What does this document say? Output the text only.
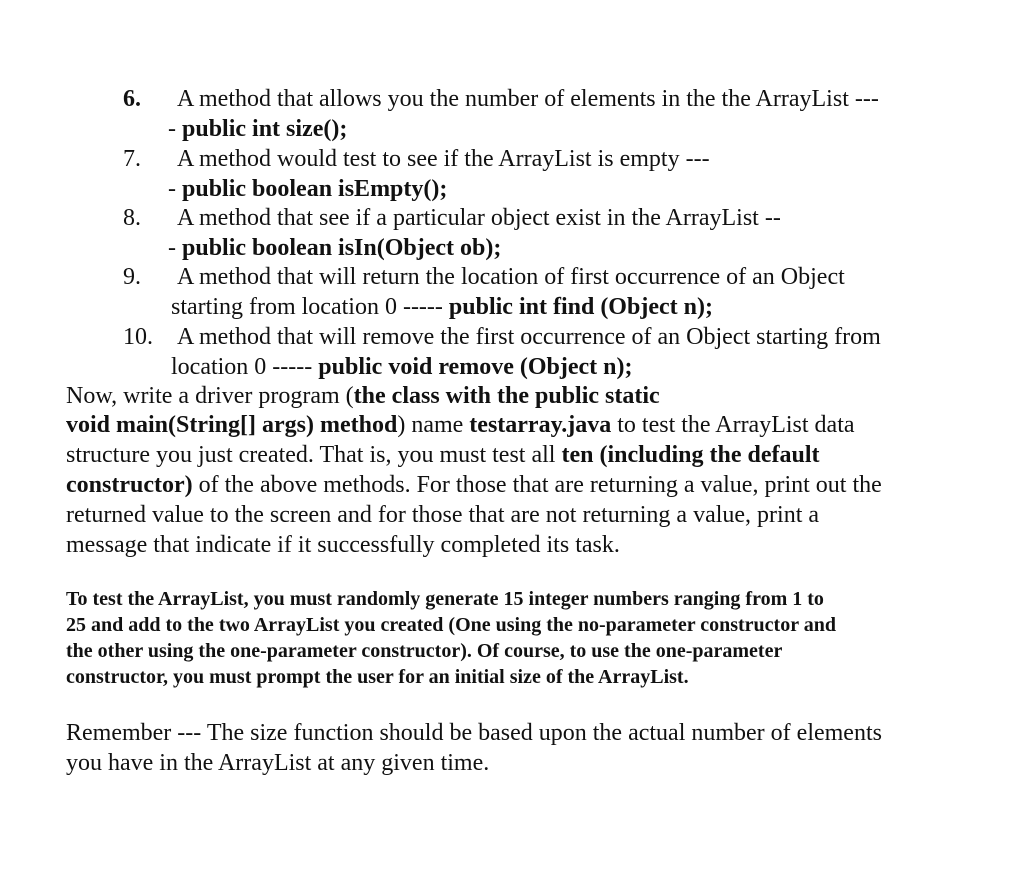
6. A method that allows you the number of elements in the the ArrayList ---
- public int size();
7. A method would test to see if the ArrayList is empty ---
- public boolean isEmpty();
8. A method that see if a particular object exist in the ArrayList --
- public boolean isIn(Object ob);
9. A method that will return the location of first occurrence of an Object
starting from location 0 ----- public int find (Object n);
10. A method that will remove the first occurrence of an Object starting from
location 0 ----- public void remove (Object n);
Now, write a driver program (the class with the public static
void main(String[] args) method) name testarray.java to test the ArrayList data
structure you just created. That is, you must test all ten (including the default
constructor) of the above methods. For those that are returning a value, print out the
returned value to the screen and for those that are not returning a value, print a
message that indicate if it successfully completed its task.
To test the ArrayList, you must randomly generate 15 integer numbers ranging from 1 to
25 and add to the two ArrayList you created (One using the no-parameter constructor and
the other using the one-parameter constructor). Of course, to use the one-parameter
constructor, you must prompt the user for an initial size of the ArrayList.
Remember --- The size function should be based upon the actual number of elements
you have in the ArrayList at any given time.
